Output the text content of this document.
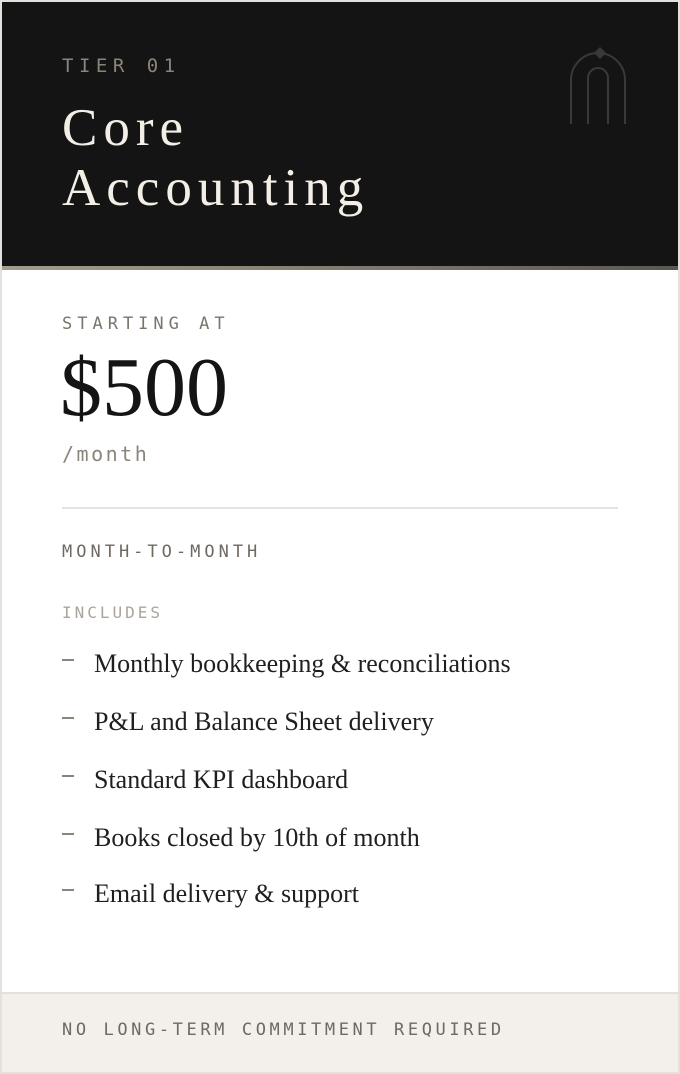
TIER 01
Core
Accounting
STARTING AT
$500
/month
MONTH-TO-MONTH
INCLUDES
Monthly bookkeeping & reconciliations
P&L and Balance Sheet delivery
Standard KPI dashboard
Books closed by 10th of month
Email delivery & support
NO LONG-TERM COMMITMENT REQUIRED
